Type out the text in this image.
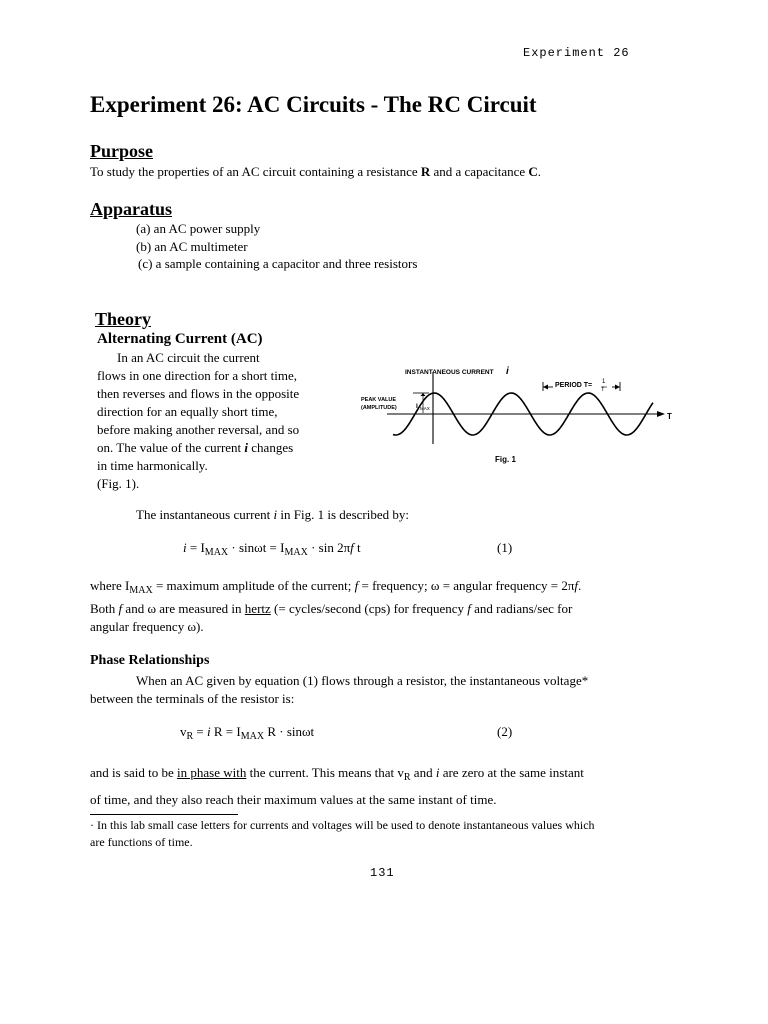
Experiment 26
Experiment 26: AC Circuits - The RC Circuit
Purpose
To study the properties of an AC circuit containing a resistance R and a capacitance C.
Apparatus
(a) an AC power supply
(b) an AC multimeter
(c) a sample containing a capacitor and three resistors
Theory
Alternating Current (AC)
In an AC circuit the current
flows in one direction for a short time,
then reverses and flows in the opposite
direction for an equally short time,
before making another reversal, and so
on. The value of the current i changes
in time harmonically.
(Fig. 1).
INSTANTANEOUS CURRENT i
PERIOD T= 1
f
PEAK VALUE
(AMPLITUDE)	I MAX
T
Fig. 1
The instantaneous current i in Fig. 1 is described by:
$i = I_{MAX} \cdot \sin\omega t = I_{MAX} \cdot \sin 2\pi f$ t	(1)
where $I_{MAX}$ = maximum amplitude of the current; f = frequency; ω = angular frequency = 2πf.
Both f and ω are measured in hertz (= cycles/second (cps) for frequency f and radians/sec for
angular frequency ω).
Phase Relationships
When an AC given by equation (1) flows through a resistor, the instantaneous voltage*
between the terminals of the resistor is:
$v_R = i$ $R = I_{MAX}$ R · sinωt	(2)
and is said to be in phase with the current. This means that $v_R$ and i are zero at the same instant
of time, and they also reach their maximum values at the same instant of time.
· In this lab small case letters for currents and voltages will be used to denote instantaneous values which
are functions of time.
131
